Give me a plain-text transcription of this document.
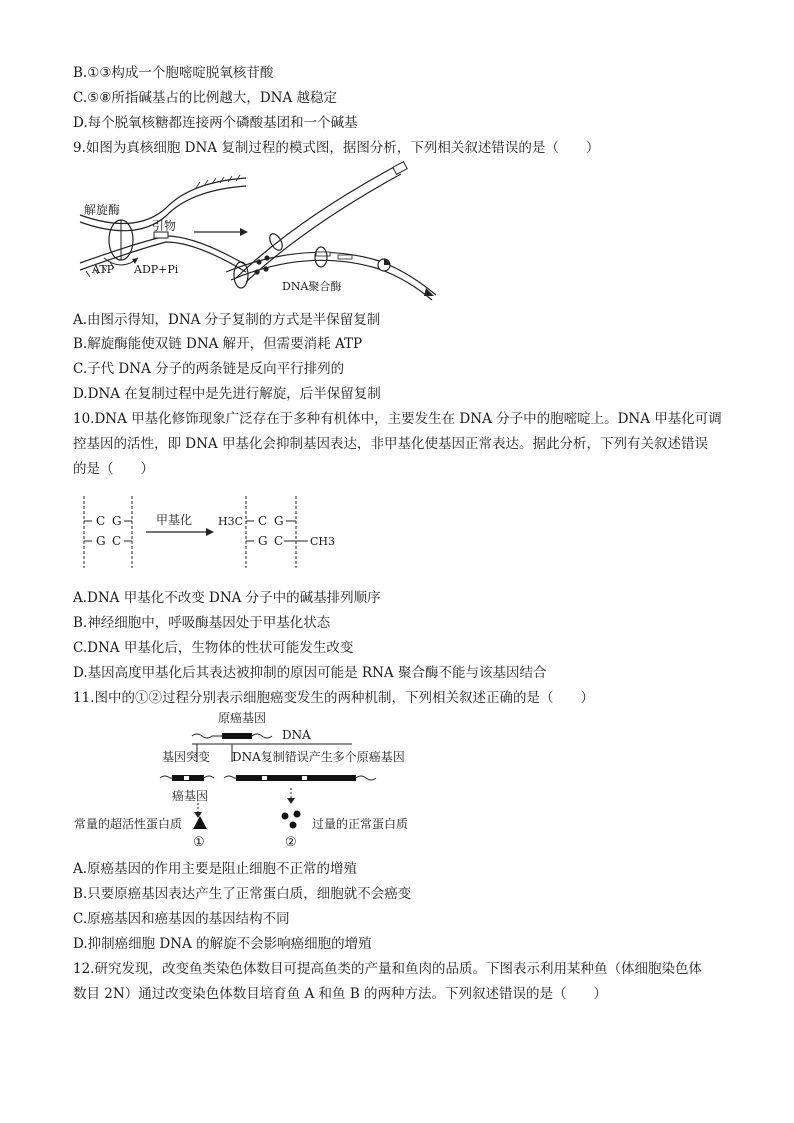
B.①③构成一个胞嘧啶脱氧核苷酸
C.⑤⑧所指碱基占的比例越大，DNA 越稳定
D.每个脱氧核糖都连接两个磷酸基团和一个碱基
9.如图为真核细胞 DNA 复制过程的模式图，据图分析，下列相关叙述错误的是（　　）
解旋酶
引物
ATP ADP+Pi
DNA聚合酶
A.由图示得知，DNA 分子复制的方式是半保留复制
B.解旋酶能使双链 DNA 解开，但需要消耗 ATP
C.子代 DNA 分子的两条链是反向平行排列的
D.DNA 在复制过程中是先进行解旋，后半保留复制
10.DNA 甲基化修饰现象广泛存在于多种有机体中，主要发生在 DNA 分子中的胞嘧啶上。DNA 甲基化可调
控基因的活性，即 DNA 甲基化会抑制基因表达，非甲基化使基因正常表达。据此分析，下列有关叙述错误
的是（　　）
C G
G C
甲基化 H3C C G
G C CH3
A.DNA 甲基化不改变 DNA 分子中的碱基排列顺序
B.神经细胞中，呼吸酶基因处于甲基化状态
C.DNA 甲基化后，生物体的性状可能发生改变
D.基因高度甲基化后其表达被抑制的原因可能是 RNA 聚合酶不能与该基因结合
11.图中的①②过程分别表示细胞癌变发生的两种机制，下列相关叙述正确的是（　　）
原癌基因
DNA
基因突变 DNA复制错误产生多个原癌基因
癌基因
常量的超活性蛋白质	过量的正常蛋白质
①	②
A.原癌基因的作用主要是阻止细胞不正常的增殖
B.只要原癌基因表达产生了正常蛋白质，细胞就不会癌变
C.原癌基因和癌基因的基因结构不同
D.抑制癌细胞 DNA 的解旋不会影响癌细胞的增殖
12.研究发现，改变鱼类染色体数目可提高鱼类的产量和鱼肉的品质。下图表示利用某种鱼（体细胞染色体
数目 2N）通过改变染色体数目培育鱼 A 和鱼 B 的两种方法。下列叙述错误的是（　　）
